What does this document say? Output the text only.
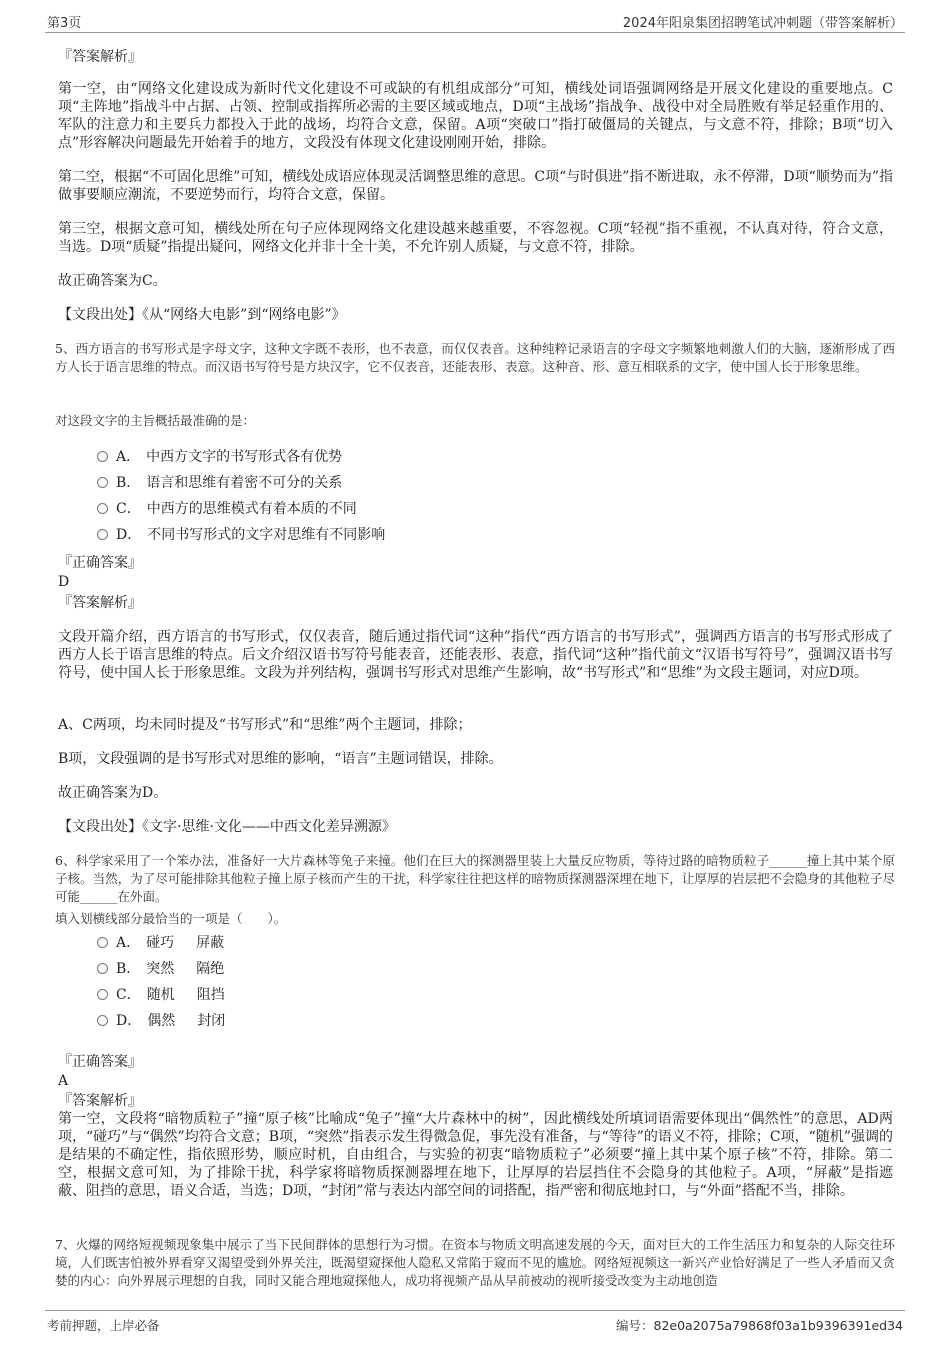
第3页	2024年阳泉集团招聘笔试冲刺题（带答案解析）
『答案解析』

第一空，由“网络文化建设成为新时代文化建设不可或缺的有机组成部分”可知，横线处词语强调网络是开展文化建设的重要地点。C项“主阵地”指战斗中占据、占领、控制或指挥所必需的主要区域或地点，D项“主战场”指战争、战役中对全局胜败有举足轻重作用的、军队的注意力和主要兵力都投入于此的战场，均符合文意，保留。A项“突破口”指打破僵局的关键点，与文意不符，排除；B项“切入点”形容解决问题最先开始着手的地方，文段没有体现文化建设刚刚开始，排除。

第二空，根据“不可固化思维”可知，横线处成语应体现灵活调整思维的意思。C项“与时俱进”指不断进取，永不停滞，D项“顺势而为”指做事要顺应潮流，不要逆势而行，均符合文意，保留。

第三空，根据文意可知，横线处所在句子应体现网络文化建设越来越重要，不容忽视。C项“轻视”指不重视，不认真对待，符合文意，当选。D项“质疑”指提出疑问，网络文化并非十全十美，不允许别人质疑，与文意不符，排除。

故正确答案为C。
【文段出处】《从“网络大电影”到“网络电影”》

5、西方语言的书写形式是字母文字，这种文字既不表形，也不表意，而仅仅表音。这种纯粹记录语言的字母文字频繁地刺激人们的大脑，逐渐形成了西方人长于语言思维的特点。而汉语书写符号是方块汉字，它不仅表音，还能表形、表意。这种音、形、意互相联系的文字，使中国人长于形象思维。

对这段文字的主旨概括最准确的是：
A． 中西方文字的书写形式各有优势
B． 语言和思维有着密不可分的关系
C． 中西方的思维模式有着本质的不同
D． 不同书写形式的文字对思维有不同影响
『正确答案』
D
『答案解析』

文段开篇介绍，西方语言的书写形式，仅仅表音，随后通过指代词“这种”指代“西方语言的书写形式”，强调西方语言的书写形式形成了西方人长于语言思维的特点。后文介绍汉语书写符号能表音，还能表形、表意，指代词“这种”指代前文“汉语书写符号”，强调汉语书写符号，使中国人长于形象思维。文段为并列结构，强调书写形式对思维产生影响，故“书写形式”和“思维”为文段主题词，对应D项。

A、C两项，均未同时提及“书写形式”和“思维”两个主题词，排除；
B项，文段强调的是书写形式对思维的影响，“语言”主题词错误，排除。
故正确答案为D。
【文段出处】《文字·思维·文化——中西文化差异溯源》

6、科学家采用了一个笨办法，准备好一大片森林等兔子来撞。他们在巨大的探测器里装上大量反应物质，等待过路的暗物质粒子______撞上其中某个原子核。当然，为了尽可能排除其他粒子撞上原子核而产生的干扰，科学家往往把这样的暗物质探测器深埋在地下，让厚厚的岩层把不会隐身的其他粒子尽可能______在外面。

填入划横线部分最恰当的一项是（　　）。
A． 碰巧 屏蔽
B． 突然 隔绝
C． 随机 阻挡
D． 偶然 封闭
『正确答案』
A
『答案解析』

第一空，文段将“暗物质粒子”撞“原子核”比喻成“兔子”撞“大片森林中的树”，因此横线处所填词语需要体现出“偶然性”的意思，AD两项，“碰巧”与“偶然”均符合文意；B项，“突然”指表示发生得微急促，事先没有准备，与“等待”的语义不符，排除；C项，“随机”强调的是结果的不确定性，指依照形势，顺应时机，自由组合，与实验的初衷“暗物质粒子”必须要“撞上其中某个原子核”不符，排除。第二空，根据文意可知，为了排除干扰，科学家将暗物质探测器埋在地下，让厚厚的岩层挡住不会隐身的其他粒子。A项，“屏蔽”是指遮蔽、阻挡的意思，语义合适，当选；D项，“封闭”常与表达内部空间的词搭配，指严密和彻底地封口，与“外面”搭配不当，排除。

7、火爆的网络短视频现象集中展示了当下民间群体的思想行为习惯。在资本与物质文明高速发展的今天，面对巨大的工作生活压力和复杂的人际交往环境，人们既害怕被外界看穿又渴望受到外界关注，既渴望窥探他人隐私又常陷于窥而不见的尴尬。网络短视频这一新兴产业恰好满足了一些人矛盾而又贪婪的内心：向外界展示理想的自我，同时又能合理地窥探他人，成功将视频产品从早前被动的视听接受改变为主动地创造

考前押题，上岸必备	编号：82e0a2075a79868f03a1b9396391ed34
